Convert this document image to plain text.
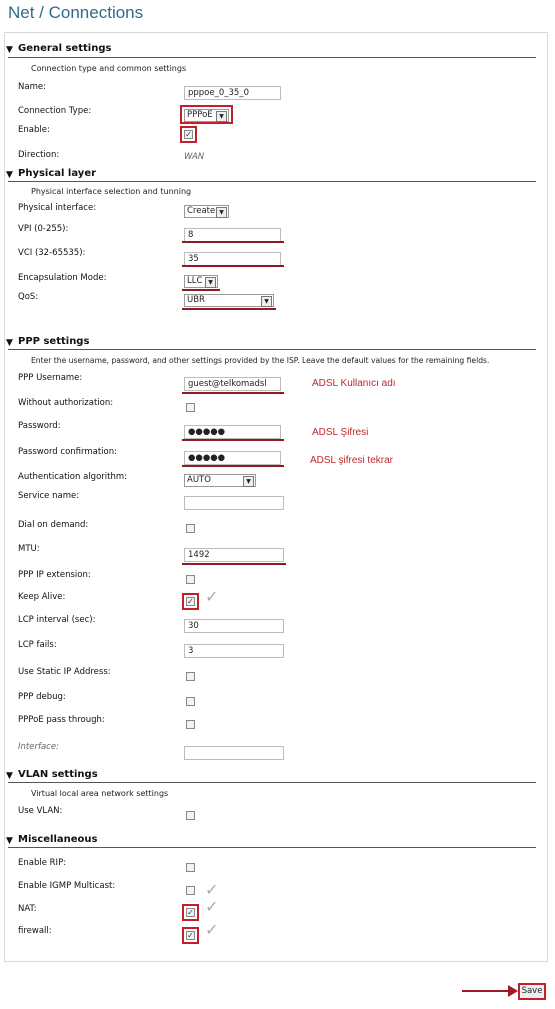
Net / Connections
▼ General settings
Connection type and common settings
Name:
pppoe_0_35_0
Connection Type:	PPPoE	▼
Enable:	✓
Direction:	WAN
▼ Physical layer
Physical interface selection and tunning
Physical interface:	Create ▼
VPI (0-255):
8
VCI (32-65535):
35
Encapsulation Mode:	LLC ▼
QoS:	UBR	▼
▼ PPP settings
Enter the username, password, and other settings provided by the ISP. Leave the default values for the remaining fields.
PPP Username:
guest@telkomadsl	ADSL Kullanıcı adı
Without authorization:
Password:
●●●●●	ADSL Şifresi
Password confirmation:
●●●●●	ADSL şifresi tekrar
Authentication algorithm:	AUTO	▼
Service name:
Dial on demand:
MTU:
1492
PPP IP extension:
Keep Alive:	✓ ✓
LCP interval (sec):
30
LCP fails:
3
Use Static IP Address:
PPP debug:
PPPoE pass through:
Interface:
▼ VLAN settings
Virtual local area network settings
Use VLAN:
▼ Miscellaneous
Enable RIP:
Enable IGMP Multicast:	✓
NAT:	✓ ✓
firewall:	✓ ✓
Save
